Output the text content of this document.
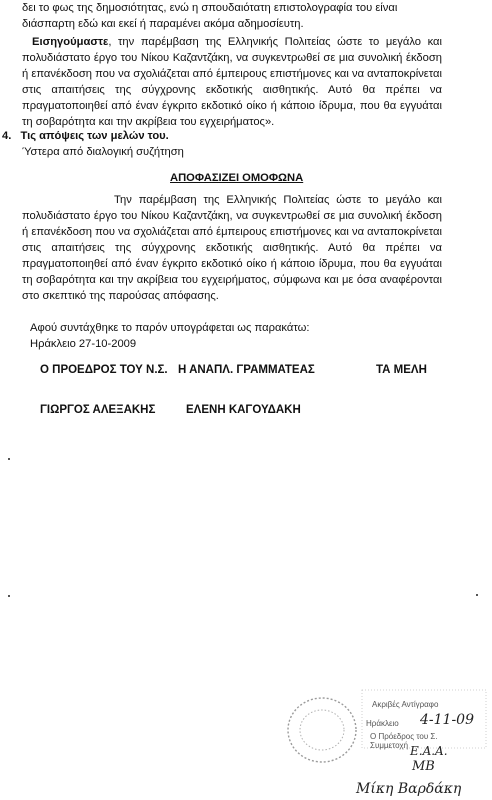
δει το φως της δημοσιότητας, ενώ η σπουδαιότατη επιστολογραφία του είναι
διάσπαρτη εδώ και εκεί ή παραμένει ακόμα αδημοσίευτη.
Εισηγούμαστε, την παρέμβαση της Ελληνικής Πολιτείας ώστε το μεγάλο και πολυδιάστατο έργο του Νίκου Καζαντζάκη, να συγκεντρωθεί σε μια συνολική έκδοση ή επανέκδοση που να σχολιάζεται από έμπειρους επιστήμονες και να ανταποκρίνεται στις απαιτήσεις της σύγχρονης εκδοτικής αισθητικής. Αυτό θα πρέπει να πραγματοποιηθεί από έναν έγκριτο εκδοτικό οίκο ή κάποιο ίδρυμα, που θα εγγυάται τη σοβαρότητα και την ακρίβεια του εγχειρήματος».
4. Τις απόψεις των μελών του.
Ύστερα από διαλογική συζήτηση
ΑΠΟΦΑΣΙΖΕΙ ΟΜΟΦΩΝΑ
Την παρέμβαση της Ελληνικής Πολιτείας ώστε το μεγάλο και πολυδιάστατο έργο του Νίκου Καζαντζάκη, να συγκεντρωθεί σε μια συνολική έκδοση ή επανέκδοση που να σχολιάζεται από έμπειρους επιστήμονες και να ανταποκρίνεται στις απαιτήσεις της σύγχρονης εκδοτικής αισθητικής. Αυτό θα πρέπει να πραγματοποιηθεί από έναν έγκριτο εκδοτικό οίκο ή κάποιο ίδρυμα, που θα εγγυάται τη σοβαρότητα και την ακρίβεια του εγχειρήματος, σύμφωνα και με όσα αναφέρονται στο σκεπτικό της παρούσας απόφασης.
Αφού συντάχθηκε το παρόν υπογράφεται ως παρακάτω:
Ηράκλειο 27-10-2009
Ο ΠΡΟΕΔΡΟΣ ΤΟΥ Ν.Σ. Η ΑΝΑΠΛ. ΓΡΑΜΜΑΤΕΑΣ	ΤΑ ΜΕΛΗ
ΓΙΩΡΓΟΣ ΑΛΕΞΑΚΗΣ	ΕΛΕΝΗ ΚΑΓΟΥΔΑΚΗ
Ακριβές Αντίγραφο
Ηράκλειο 4-11-09
Ο Πρόεδρος του Σ.
Συμμετοχή Ε.Α.Α.
ΜΒ
Μίκη Βαρδάκη
